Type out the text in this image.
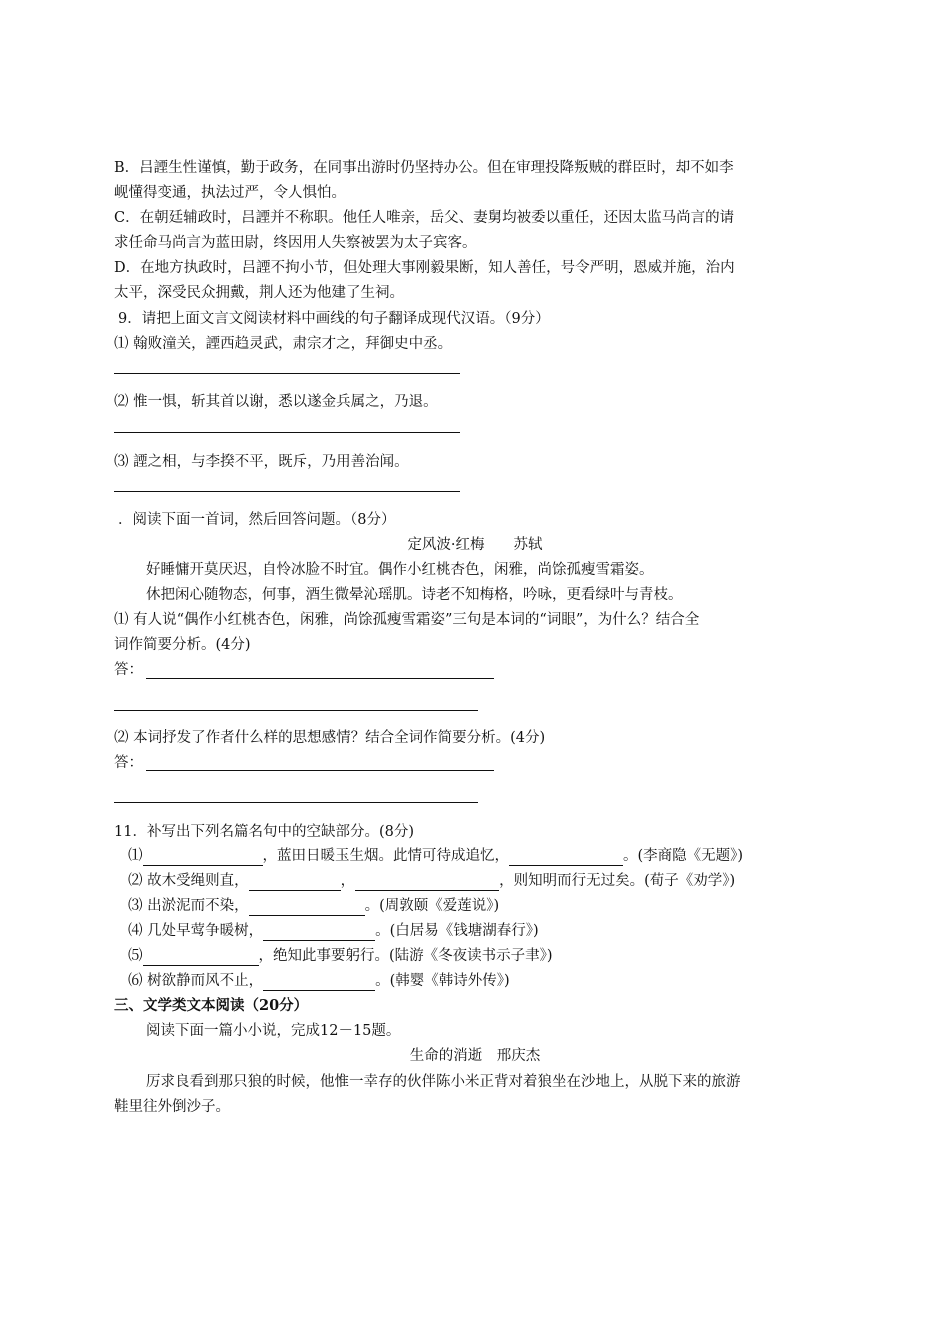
B．吕諲生性谨慎，勤于政务，在同事出游时仍坚持办公。但在审理投降叛贼的群臣时，却不如李
岘懂得变通，执法过严，令人惧怕。
C．在朝廷辅政时，吕諲并不称职。他任人唯亲，岳父、妻舅均被委以重任，还因太监马尚言的请
求任命马尚言为蓝田尉，终因用人失察被罢为太子宾客。
D．在地方执政时，吕諲不拘小节，但处理大事刚毅果断，知人善任，号令严明，恩威并施，治内
太平，深受民众拥戴，荆人还为他建了生祠。
9．请把上面文言文阅读材料中画线的句子翻译成现代汉语。（9分）
⑴ 翰败潼关，諲西趋灵武，肃宗才之，拜御史中丞。
⑵ 惟一惧，斩其首以谢，悉以遂金兵属之，乃退。
⑶ 諲之相，与李揆不平，既斥，乃用善治闻。
．阅读下面一首词，然后回答问题。（8分）
定风波·红梅　　苏轼
好睡慵开莫厌迟，自怜冰脸不时宜。偶作小红桃杏色，闲雅，尚馀孤瘦雪霜姿。
休把闲心随物态，何事，酒生微晕沁瑶肌。诗老不知梅格，吟咏，更看绿叶与青枝。
⑴ 有人说“偶作小红桃杏色，闲雅，尚馀孤瘦雪霜姿”三句是本词的“词眼”，为什么？结合全
词作简要分析。(4分)
答：
⑵ 本词抒发了作者什么样的思想感情？结合全词作简要分析。(4分)
答：
11．补写出下列名篇名句中的空缺部分。(8分)
⑴	，蓝田日暖玉生烟。此情可待成追忆，	。(李商隐《无题》)
⑵ 故木受绳则直，	，	，则知明而行无过矣。(荀子《劝学》)
⑶ 出淤泥而不染，	。(周敦颐《爱莲说》)
⑷ 几处早莺争暖树，	。(白居易《钱塘湖春行》)
⑸	，绝知此事要躬行。(陆游《冬夜读书示子聿》)
⑹ 树欲静而风不止，	。(韩婴《韩诗外传》)
三、文学类文本阅读（20分）
阅读下面一篇小小说，完成12－15题。
生命的消逝　邢庆杰
厉求良看到那只狼的时候，他惟一幸存的伙伴陈小米正背对着狼坐在沙地上，从脱下来的旅游
鞋里往外倒沙子。
